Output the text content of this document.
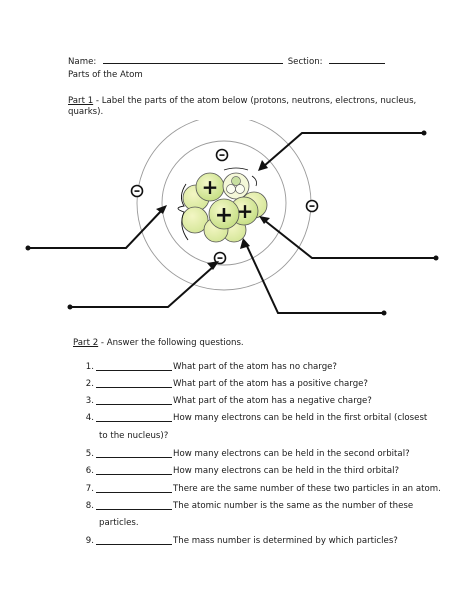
Name:	Section:
Parts of the Atom
Part 1 - Label the parts of the atom below (protons, neutrons, electrons, nucleus,
quarks).
+
+
+
Part 2 - Answer the following questions.
1.	What part of the atom has no charge?
2.	What part of the atom has a positive charge?
3.	What part of the atom has a negative charge?
4.	How many electrons can be held in the first orbital (closest
to the nucleus)?
5.	How many electrons can be held in the second orbital?
6.	How many electrons can be held in the third orbital?
7.	There are the same number of these two particles in an atom.
8.	The atomic number is the same as the number of these
particles.
9.	The mass number is determined by which particles?
